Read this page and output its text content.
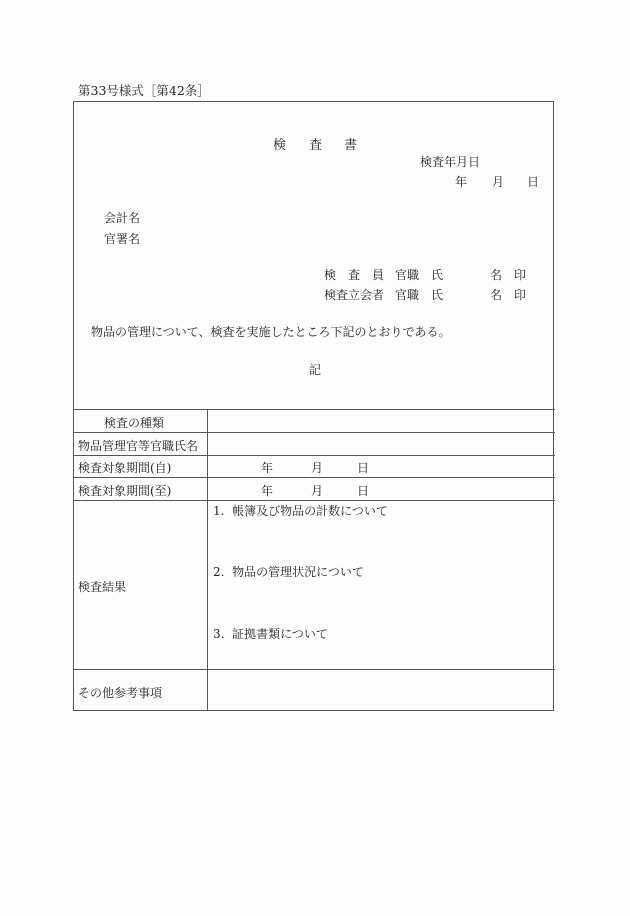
第33号様式［第42条］
検 査 書
検査年月日
年 月 日
会計名
官署名
検　査　員 官職 氏	名 印
検査立会者 官職 氏	名 印
物品の管理について、検査を実施したところ下記のとおりである。
記
検査の種類
物品管理官等官職氏名
検査対象期間(自)	年	月	日
検査対象期間(至)	年	月	日
検査結果
1.  帳簿及び物品の計数について
2.  物品の管理状況について
3.  証拠書類について
その他参考事項
